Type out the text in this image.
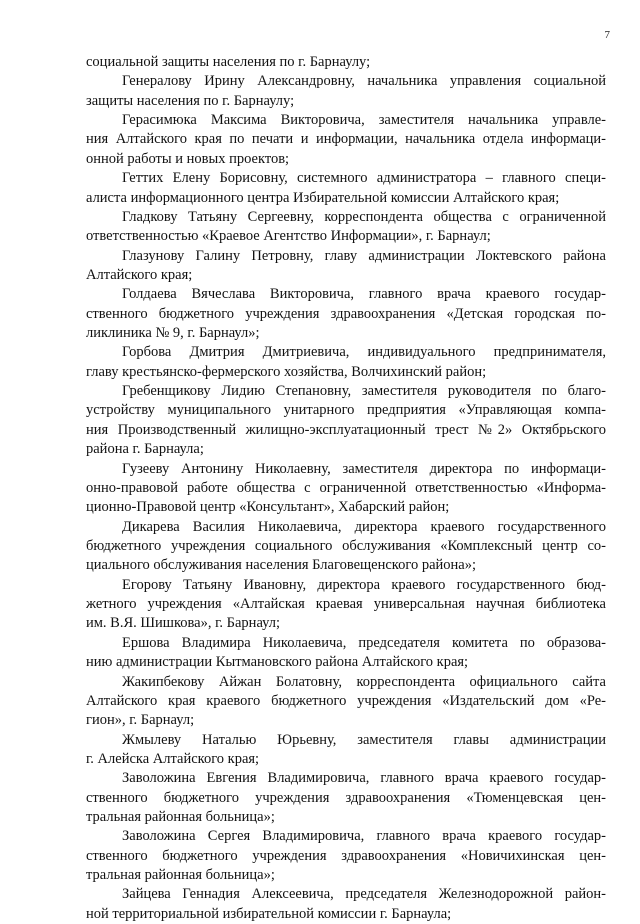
7
социальной защиты населения по г. Барнаулу;
Генералову Ирину Александровну, начальника управления социальной
защиты населения по г. Барнаулу;
Герасимюка Максима Викторовича, заместителя начальника управле-
ния Алтайского края по печати и информации, начальника отдела информаци-
онной работы и новых проектов;
Геттих Елену Борисовну, системного администратора – главного специ-
алиста информационного центра Избирательной комиссии Алтайского края;
Гладкову Татьяну Сергеевну, корреспондента общества с ограниченной
ответственностью «Краевое Агентство Информации», г. Барнаул;
Глазунову Галину Петровну, главу администрации Локтевского района
Алтайского края;
Голдаева Вячеслава Викторовича, главного врача краевого государ-
ственного бюджетного учреждения здравоохранения «Детская городская по-
ликлиника № 9, г. Барнаул»;
Горбова Дмитрия Дмитриевича, индивидуального предпринимателя,
главу крестьянско-фермерского хозяйства, Волчихинский район;
Гребенщикову Лидию Степановну, заместителя руководителя по благо-
устройству муниципального унитарного предприятия «Управляющая компа-
ния Производственный жилищно-эксплуатационный трест №2» Октябрьского
района г. Барнаула;
Гузееву Антонину Николаевну, заместителя директора по информаци-
онно-правовой работе общества с ограниченной ответственностью «Информа-
ционно-Правовой центр «Консультант», Хабарский район;
Дикарева Василия Николаевича, директора краевого государственного
бюджетного учреждения социального обслуживания «Комплексный центр со-
циального обслуживания населения Благовещенского района»;
Егорову Татьяну Ивановну, директора краевого государственного бюд-
жетного учреждения «Алтайская краевая универсальная научная библиотека
им. В.Я. Шишкова», г. Барнаул;
Ершова Владимира Николаевича, председателя комитета по образова-
нию администрации Кытмановского района Алтайского края;
Жакипбекову Айжан Болатовну, корреспондента официального сайта
Алтайского края краевого бюджетного учреждения «Издательский дом «Ре-
гион», г. Барнаул;
Жмылеву Наталью Юрьевну, заместителя главы администрации
г. Алейска Алтайского края;
Заволожина Евгения Владимировича, главного врача краевого государ-
ственного бюджетного учреждения здравоохранения «Тюменцевская цен-
тральная районная больница»;
Заволожина Сергея Владимировича, главного врача краевого государ-
ственного бюджетного учреждения здравоохранения «Новичихинская цен-
тральная районная больница»;
Зайцева Геннадия Алексеевича, председателя Железнодорожной район-
ной территориальной избирательной комиссии г. Барнаула;
